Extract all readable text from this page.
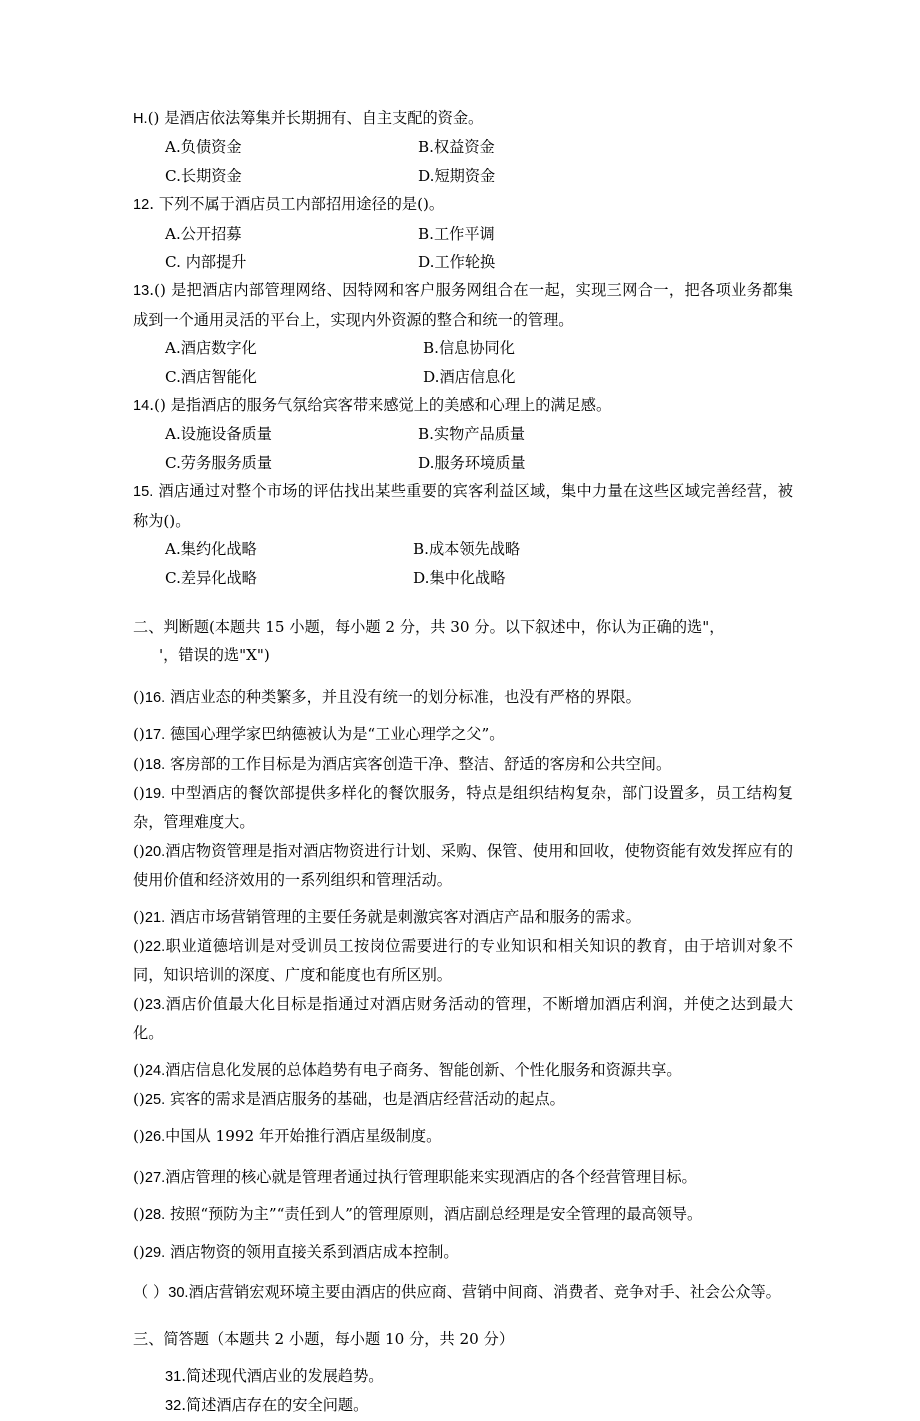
H.() 是酒店依法筹集并长期拥有、自主支配的资金。
A.负债资金	B.权益资金
C.长期资金	D.短期资金
12. 下列不属于酒店员工内部招用途径的是()。
A.公开招募	B.工作平调
C. 内部提升	D.工作轮换
13.() 是把酒店内部管理网络、因特网和客户服务网组合在一起，实现三网合一，把各项业务都集成到一个通用灵活的平台上，实现内外资源的整合和统一的管理。
A.酒店数字化	B.信息协同化
C.酒店智能化	D.酒店信息化
14.() 是指酒店的服务气氛给宾客带来感觉上的美感和心理上的满足感。
A.设施设备质量	B.实物产品质量
C.劳务服务质量	D.服务环境质量
15. 酒店通过对整个市场的评估找出某些重要的宾客利益区域，集中力量在这些区域完善经营，被称为()。
A.集约化战略	B.成本领先战略
C.差异化战略	D.集中化战略
二、判断题(本题共 15 小题，每小题 2 分，共 30 分。以下叙述中，你认为正确的选"，
'，错误的选"X")
()16. 酒店业态的种类繁多，并且没有统一的划分标准，也没有严格的界限。
()17. 德国心理学家巴纳德被认为是“工业心理学之父”。
()18. 客房部的工作目标是为酒店宾客创造干净、整洁、舒适的客房和公共空间。
()19. 中型酒店的餐饮部提供多样化的餐饮服务，特点是组织结构复杂，部门设置多，员工结构复杂，管理难度大。
()20.酒店物资管理是指对酒店物资进行计划、采购、保管、使用和回收，使物资能有效发挥应有的使用价值和经济效用的一系列组织和管理活动。
()21. 酒店市场营销管理的主要任务就是刺激宾客对酒店产品和服务的需求。
()22.职业道德培训是对受训员工按岗位需要进行的专业知识和相关知识的教育，由于培训对象不同，知识培训的深度、广度和能度也有所区别。
()23.酒店价值最大化目标是指通过对酒店财务活动的管理，不断增加酒店利润，并使之达到最大化。
()24.酒店信息化发展的总体趋势有电子商务、智能创新、个性化服务和资源共享。
()25. 宾客的需求是酒店服务的基础，也是酒店经营活动的起点。
()26.中国从 1992 年开始推行酒店星级制度。
()27.酒店管理的核心就是管理者通过执行管理职能来实现酒店的各个经营管理目标。
()28. 按照“预防为主”“责任到人”的管理原则，酒店副总经理是安全管理的最高领导。
()29. 酒店物资的领用直接关系到酒店成本控制。
（ ）30.酒店营销宏观环境主要由酒店的供应商、营销中间商、消费者、竞争对手、社会公众等。
三、简答题（本题共 2 小题，每小题 10 分，共 20 分）
31.简述现代酒店业的发展趋势。
32.简述酒店存在的安全问题。
